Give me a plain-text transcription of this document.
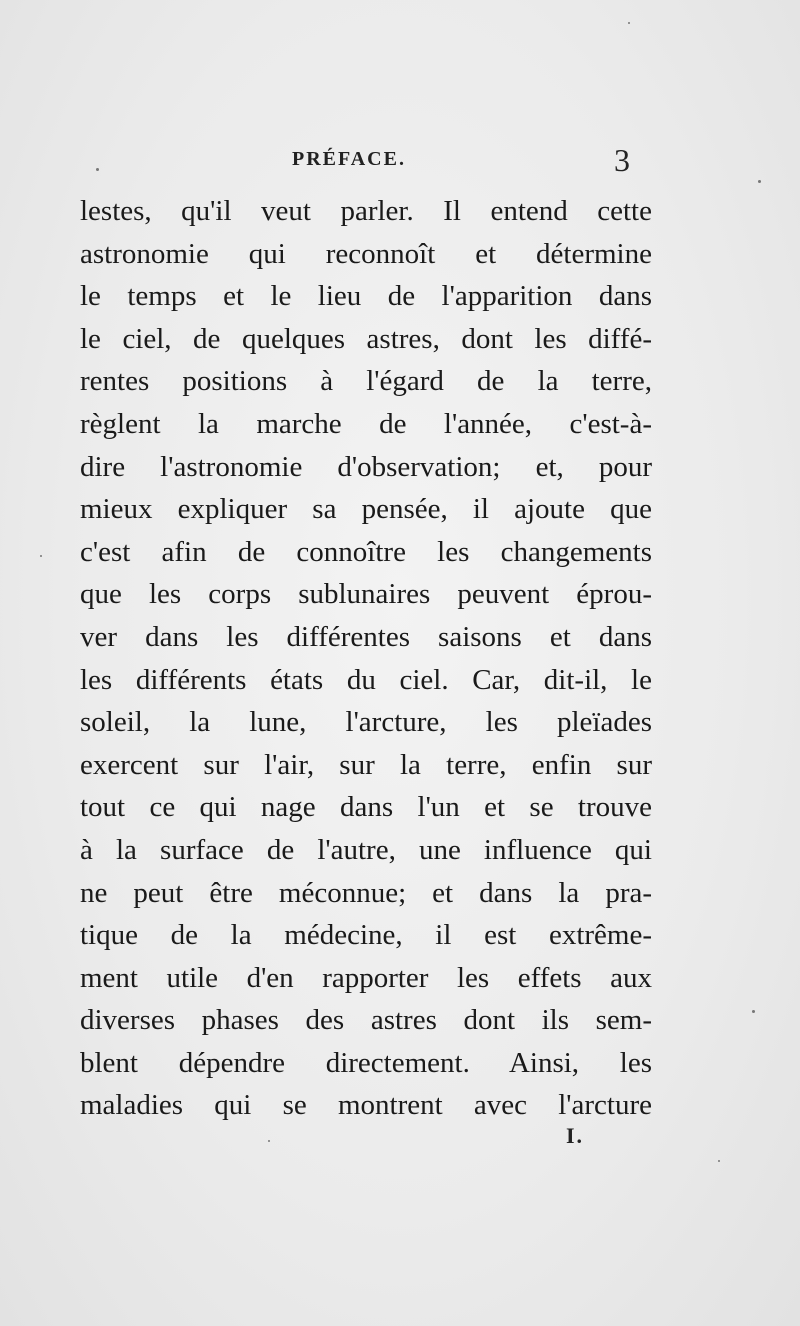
PRÉFACE.	3
lestes, qu'il veut parler. Il entend cette
astronomie qui reconnoît et détermine
le temps et le lieu de l'apparition dans
le ciel, de quelques astres, dont les diffé-
rentes positions à l'égard de la terre,
règlent la marche de l'année, c'est-à-
dire l'astronomie d'observation; et, pour
mieux expliquer sa pensée, il ajoute que
c'est afin de connoître les changements
que les corps sublunaires peuvent éprou-
ver dans les différentes saisons et dans
les différents états du ciel. Car, dit-il, le
soleil, la lune, l'arcture, les pleïades
exercent sur l'air, sur la terre, enfin sur
tout ce qui nage dans l'un et se trouve
à la surface de l'autre, une influence qui
ne peut être méconnue; et dans la pra-
tique de la médecine, il est extrême-
ment utile d'en rapporter les effets aux
diverses phases des astres dont ils sem-
blent dépendre directement. Ainsi, les
maladies qui se montrent avec l'arcture
I.
